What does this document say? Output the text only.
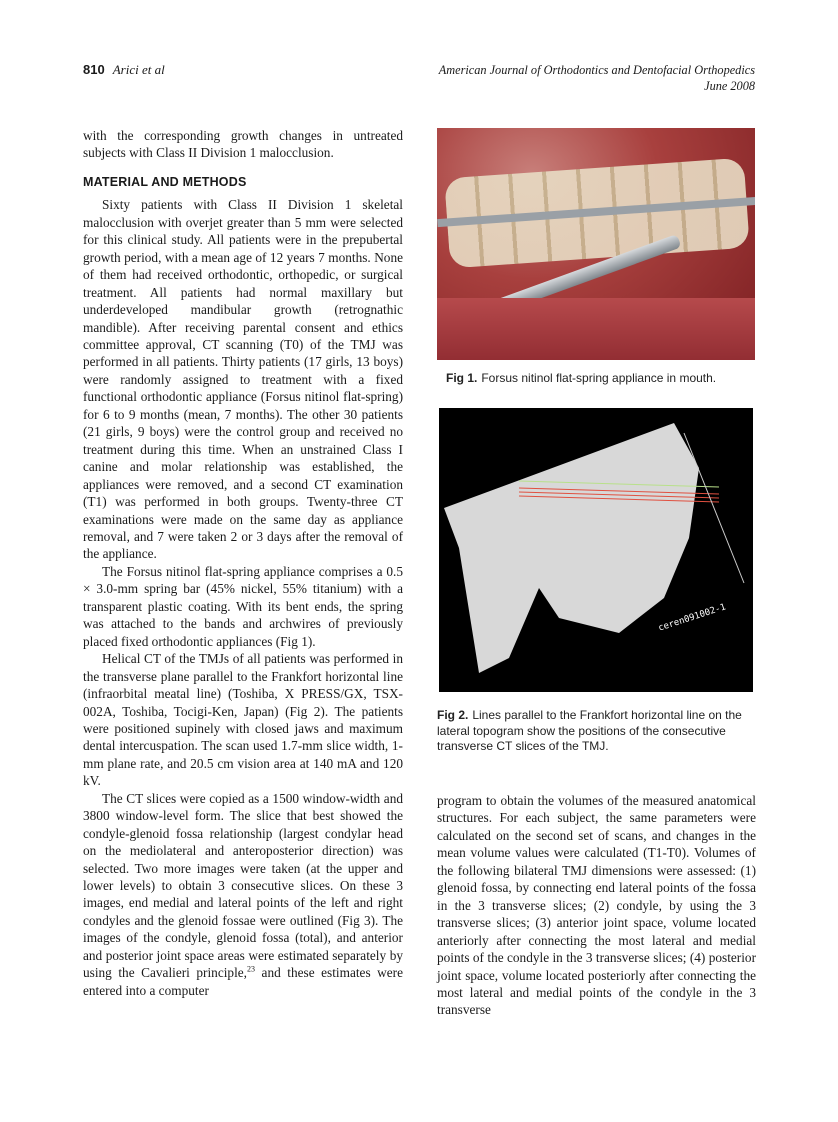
810 Arici et al	American Journal of Orthodontics and Dentofacial Orthopedics
June 2008

with the corresponding growth changes in untreated subjects with Class II Division 1 malocclusion.

MATERIAL AND METHODS

Sixty patients with Class II Division 1 skeletal malocclusion with overjet greater than 5 mm were selected for this clinical study. All patients were in the prepubertal growth period, with a mean age of 12 years 7 months. None of them had received orthodontic, orthopedic, or surgical treatment. All patients had normal maxillary but underdeveloped mandibular growth (retrognathic mandible). After receiving parental consent and ethics committee approval, CT scanning (T0) of the TMJ was performed in all patients. Thirty patients (17 girls, 13 boys) were randomly assigned to treatment with a fixed functional orthodontic appliance (Forsus nitinol flat-spring) for 6 to 9 months (mean, 7 months). The other 30 patients (21 girls, 9 boys) were the control group and received no treatment during this time. When an unstrained Class I canine and molar relationship was established, the appliances were removed, and a second CT examination (T1) was performed in both groups. Twenty-three CT examinations were made on the same day as appliance removal, and 7 were taken 2 or 3 days after the removal of the appliance.

The Forsus nitinol flat-spring appliance comprises a 0.5 × 3.0-mm spring bar (45% nickel, 55% titanium) with a transparent plastic coating. With its bent ends, the spring was attached to the bands and archwires of previously placed fixed orthodontic appliances (Fig 1).

Helical CT of the TMJs of all patients was performed in the transverse plane parallel to the Frankfort horizontal line (infraorbital meatal line) (Toshiba, X PRESS/GX, TSX-002A, Toshiba, Tocigi-Ken, Japan) (Fig 2). The patients were positioned supinely with closed jaws and maximum dental intercuspation. The scan used 1.7-mm slice width, 1-mm plane rate, and 20.5 cm vision area at 140 mA and 120 kV.

The CT slices were copied as a 1500 window-width and 3800 window-level form. The slice that best showed the condyle-glenoid fossa relationship (largest condylar head on the mediolateral and anteroposterior direction) was selected. Two more images were taken (at the upper and lower levels) to obtain 3 consecutive slices. On these 3 images, end medial and lateral points of the left and right condyles and the glenoid fossae were outlined (Fig 3). The images of the condyle, glenoid fossa (total), and anterior and posterior joint space areas were estimated separately by using the Cavalieri principle,$^{23}$ and these estimates were entered into a computer

Fig 1. Forsus nitinol flat-spring appliance in mouth.
ceren091002-1
Fig 2. Lines parallel to the Frankfort horizontal line on the lateral topogram show the positions of the consecutive transverse CT slices of the TMJ.

program to obtain the volumes of the measured anatomical structures. For each subject, the same parameters were calculated on the second set of scans, and changes in the mean volume values were calculated (T1-T0). Volumes of the following bilateral TMJ dimensions were assessed: (1) glenoid fossa, by connecting end lateral points of the fossa in the 3 transverse slices; (2) condyle, by using the 3 transverse slices; (3) anterior joint space, volume located anteriorly after connecting the most lateral and medial points of the condyle in the 3 transverse slices; (4) posterior joint space, volume located posteriorly after connecting the most lateral and medial points of the condyle in the 3 transverse
